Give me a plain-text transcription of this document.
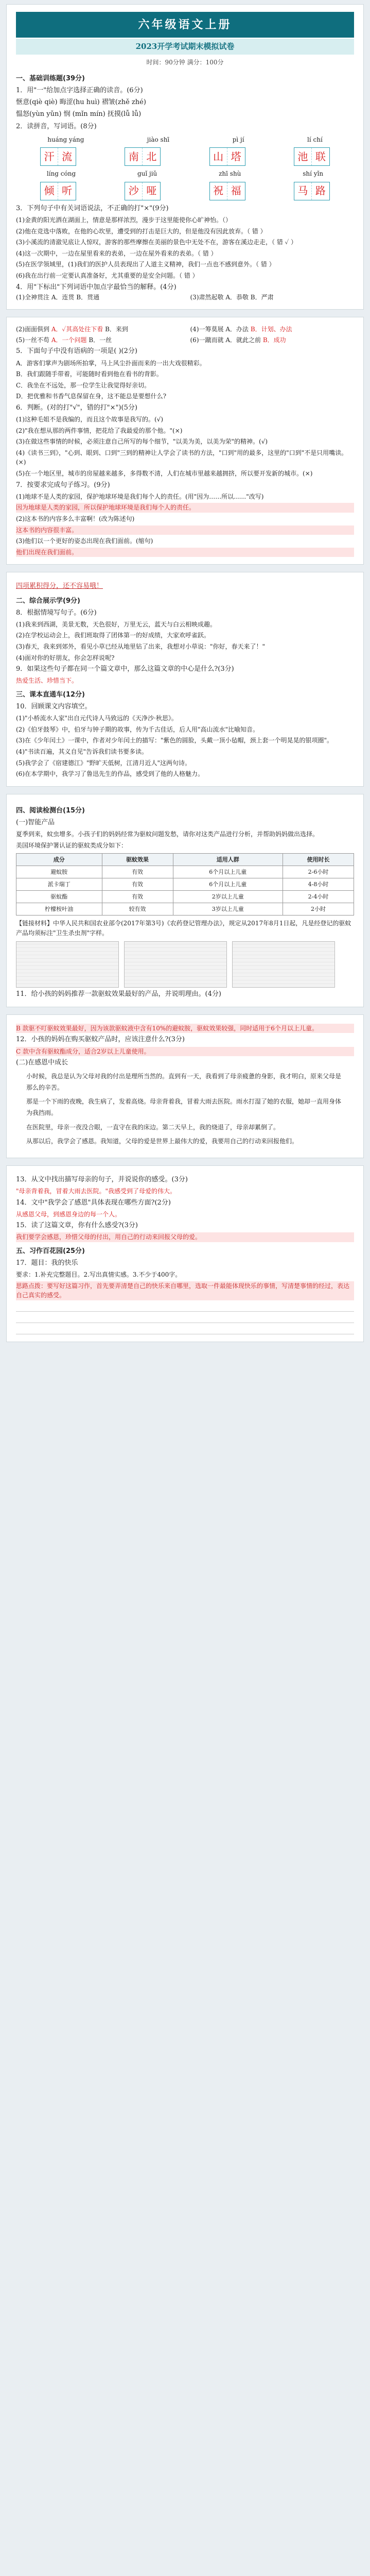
六年级语文上册
2023开学考试期末模拟试卷
时间：90分钟 满分：100分
一、基础训练题(39分)
1．用"一"给加点字选择正确的读音。(6分)
惬意(qiè qiè) 晦涩(hu huì) 褶皱(zhě zhé)
愠怒(yùn yǔn) 悯 (mǐn mín) 抚摸(lǚ lǚ)
2．读拼音，写词语。(8分)
huáng yáng	jiào shī	pì jí	lí chí
汗 流	南 北	山 塔	池 联
líng cóng	guǐ jiǔ	zhī shù	shí yǐn
倾 听	沙 哑	祝 福	马 路
3．下列句子中有关词语说法，不正确的打"×"(9分)
(1)金黄的阳光洒在湖面上，情意是那样浓烈，漫步于这里能使你心旷神怡。（）
(2)他在竞选中落败，在他的心坎里，遭受到的打击是巨大的，但是他没有因此放弃。（ 错 ）
(3)小溪流的清澈见底让人惊叹，游客的那些摩擦在美丽的景色中无处不在，游客在溪边走走，（ 错 ✓ ）
(4)这一次期中，一边在屋里看来的表弟，一边在屋外看来的表弟。（ 错 ）
(5)在医学领域里，(1)我们的医护人员表现出了人道主义精神，我们一点也不感到意外。（ 错 ）
(6)我在出行前一定要认真准备好，尤其重要的是安全问题。（ 错 ）
4．用"下标出"下列词语中加点字最恰当的解释。(4分)
(1)全神贯注 A．连贯 B．贯通	(3)肃然起敬 A．恭敬 B．严肃
(2)面面俱到 A．✓其高处往下看 B．来到	(4)一筹莫展 A．办法 B．计划、办法
(5)一丝不苟 A．一个问题 B．一丝	(6)一蹴而就 A．就此之前 B．成功
5．下面句子中没有语病的一项是( )(2分)
A．游客们掌声为剧场所拍掌，马上风尘扑面而来的一出大戏很精彩。
B．我们跟随手带着，可能随时看到他在看书的背影。
C．我坐在不远处，那一位学生让我觉得好亲切。
D．把优雅和书香气息保留在身，这不能总是要想什么?
6．判断。(对的打"√"，错的打"×")(5分)
(1)这种毛姐不是我编的，而且这个故事是我写的。(√)
(2)"我在想从那的两件事情，把花给了我最爱的那个他。"(×)
(3)在做这些事情的时候，必须注意自己所写的每个细节，"以美为美，以美为荣"的精神。(√)
(4)《读书三到》，"心到、眼到、口到"三到的精神让人学会了读书的方法，"口到"用的最多，这里的"口到"不是只用嘴读。(×)
(5)在一个地区里，城市的房屋越来越多，多得数不清，人们在城市里越来越拥挤，所以要开发新的城市。(×)
7．按要求完成句子练习。(9分)
(1)地球不是人类的家园，保护地球环境是我们每个人的责任。(用"因为……所以……"改写)
因为地球是人类的家园，所以保护地球环境是我们每个人的责任。
(2)这本书的内容多么丰富啊！(改为陈述句)
这本书的内容很丰富。
(3)他们以一个更好的姿态出现在我们面前。(缩句)
他们出现在我们面前。
四项累积得分，还不容易哦！
二、综合展示学(9分)
8．根据情境写句子。(6分)
(1)我来到西湖，美景无数，天色很好，万里无云，蓝天与白云相映成趣。
(2)在学校运动会上，我们班取得了团体第一的好成绩，大家欢呼雀跃。
(3)春天，我来到郊外，看见小草已经从地里钻了出来，我想对小草说："你好，春天来了！"
(4)面对你的好朋友，你会怎样说呢?
9．如果这些句子都在同一个篇文章中，那么这篇文章的中心是什么?(3分)
热爱生活、珍惜当下。
三、课本直通车(12分)
10．回顾课文内容填空。
(1)"小桥流水人家"出自元代诗人马致远的《天净沙·秋思》。
(2)《伯牙鼓琴》中，伯牙与钟子期的故事，传为千古佳话，后人用"高山流水"比喻知音。
(3)在《少年闰土》一课中，作者对少年闰土的描写："紫色的圆脸，头戴一顶小毡帽，颈上套一个明晃晃的银项圈"。
(4)"书读百遍，其义自见"告诉我们读书要多读。
(5)我学会了《宿建德江》"野旷天低树，江清月近人"这两句诗。
(6)在本学期中，我学习了鲁迅先生的作品，感受到了他的人格魅力。
四、阅读检测台(15分)
(一)智能产品
夏季到来，蚊虫增多。小孩子们的妈妈经常为驱蚊问题发愁，请你对这类产品进行分析，并帮助妈妈做出选择。
美国环境保护署认证的驱蚊类成分如下：
成分	驱蚊效果	适用人群	使用时长
避蚊胺	有效	6个月以上儿童	2-6小时
派卡瑞丁	有效	6个月以上儿童	4-8小时
驱蚊酯	有效	2岁以上儿童	2-4小时
柠檬桉叶油	较有效	3岁以上儿童	2小时
【链接材料】中华人民共和国农业部令(2017年第3号)《农药登记管理办法》，规定从2017年8月1日起，凡是经登记的驱蚊产品均须标注"卫生杀虫剂"字样。
11．给小孩的妈妈推荐一款驱蚊效果最好的产品，并说明理由。(4分)
B 款驱不叮驱蚊效果最好，因为该款驱蚊液中含有10%的避蚊胺，驱蚊效果较强，同时适用于6个月以上儿童。
12．小孩的妈妈在购买驱蚊产品时，应该注意什么?(3分)
C 款中含有驱蚊酯成分，适合2岁以上儿童使用。
(二)在感恩中成长
小时候，我总是认为父母对我的付出是理所当然的。直到有一天，我看到了母亲疲惫的身影，我才明白，原来父母是那么的辛苦。
那是一个下雨的夜晚，我生病了，发着高烧。母亲背着我，冒着大雨去医院。雨水打湿了她的衣服，她却一直用身体为我挡雨。
在医院里，母亲一夜没合眼，一直守在我的床边。第二天早上，我的烧退了，母亲却累倒了。
从那以后，我学会了感恩。我知道，父母的爱是世界上最伟大的爱，我要用自己的行动来回报他们。
13．从文中找出描写母亲的句子，并说说你的感受。(3分)
"母亲背着我，冒着大雨去医院。"我感受到了母爱的伟大。
14．文中"我学会了感恩"具体表现在哪些方面?(2分)
从感恩父母，到感恩身边的每一个人。
15．读了这篇文章，你有什么感受?(3分)
我们要学会感恩，珍惜父母的付出，用自己的行动来回报父母的爱。
五、习作百花园(25分)
17．题目：我的快乐
要求：1.补充完整题目。2.写出真情实感。3.不少于400字。
思路点拨：要写好这篇习作，首先要弄清楚自己的快乐来自哪里，选取一件最能体现快乐的事情，写清楚事情的经过，表达自己真实的感受。
